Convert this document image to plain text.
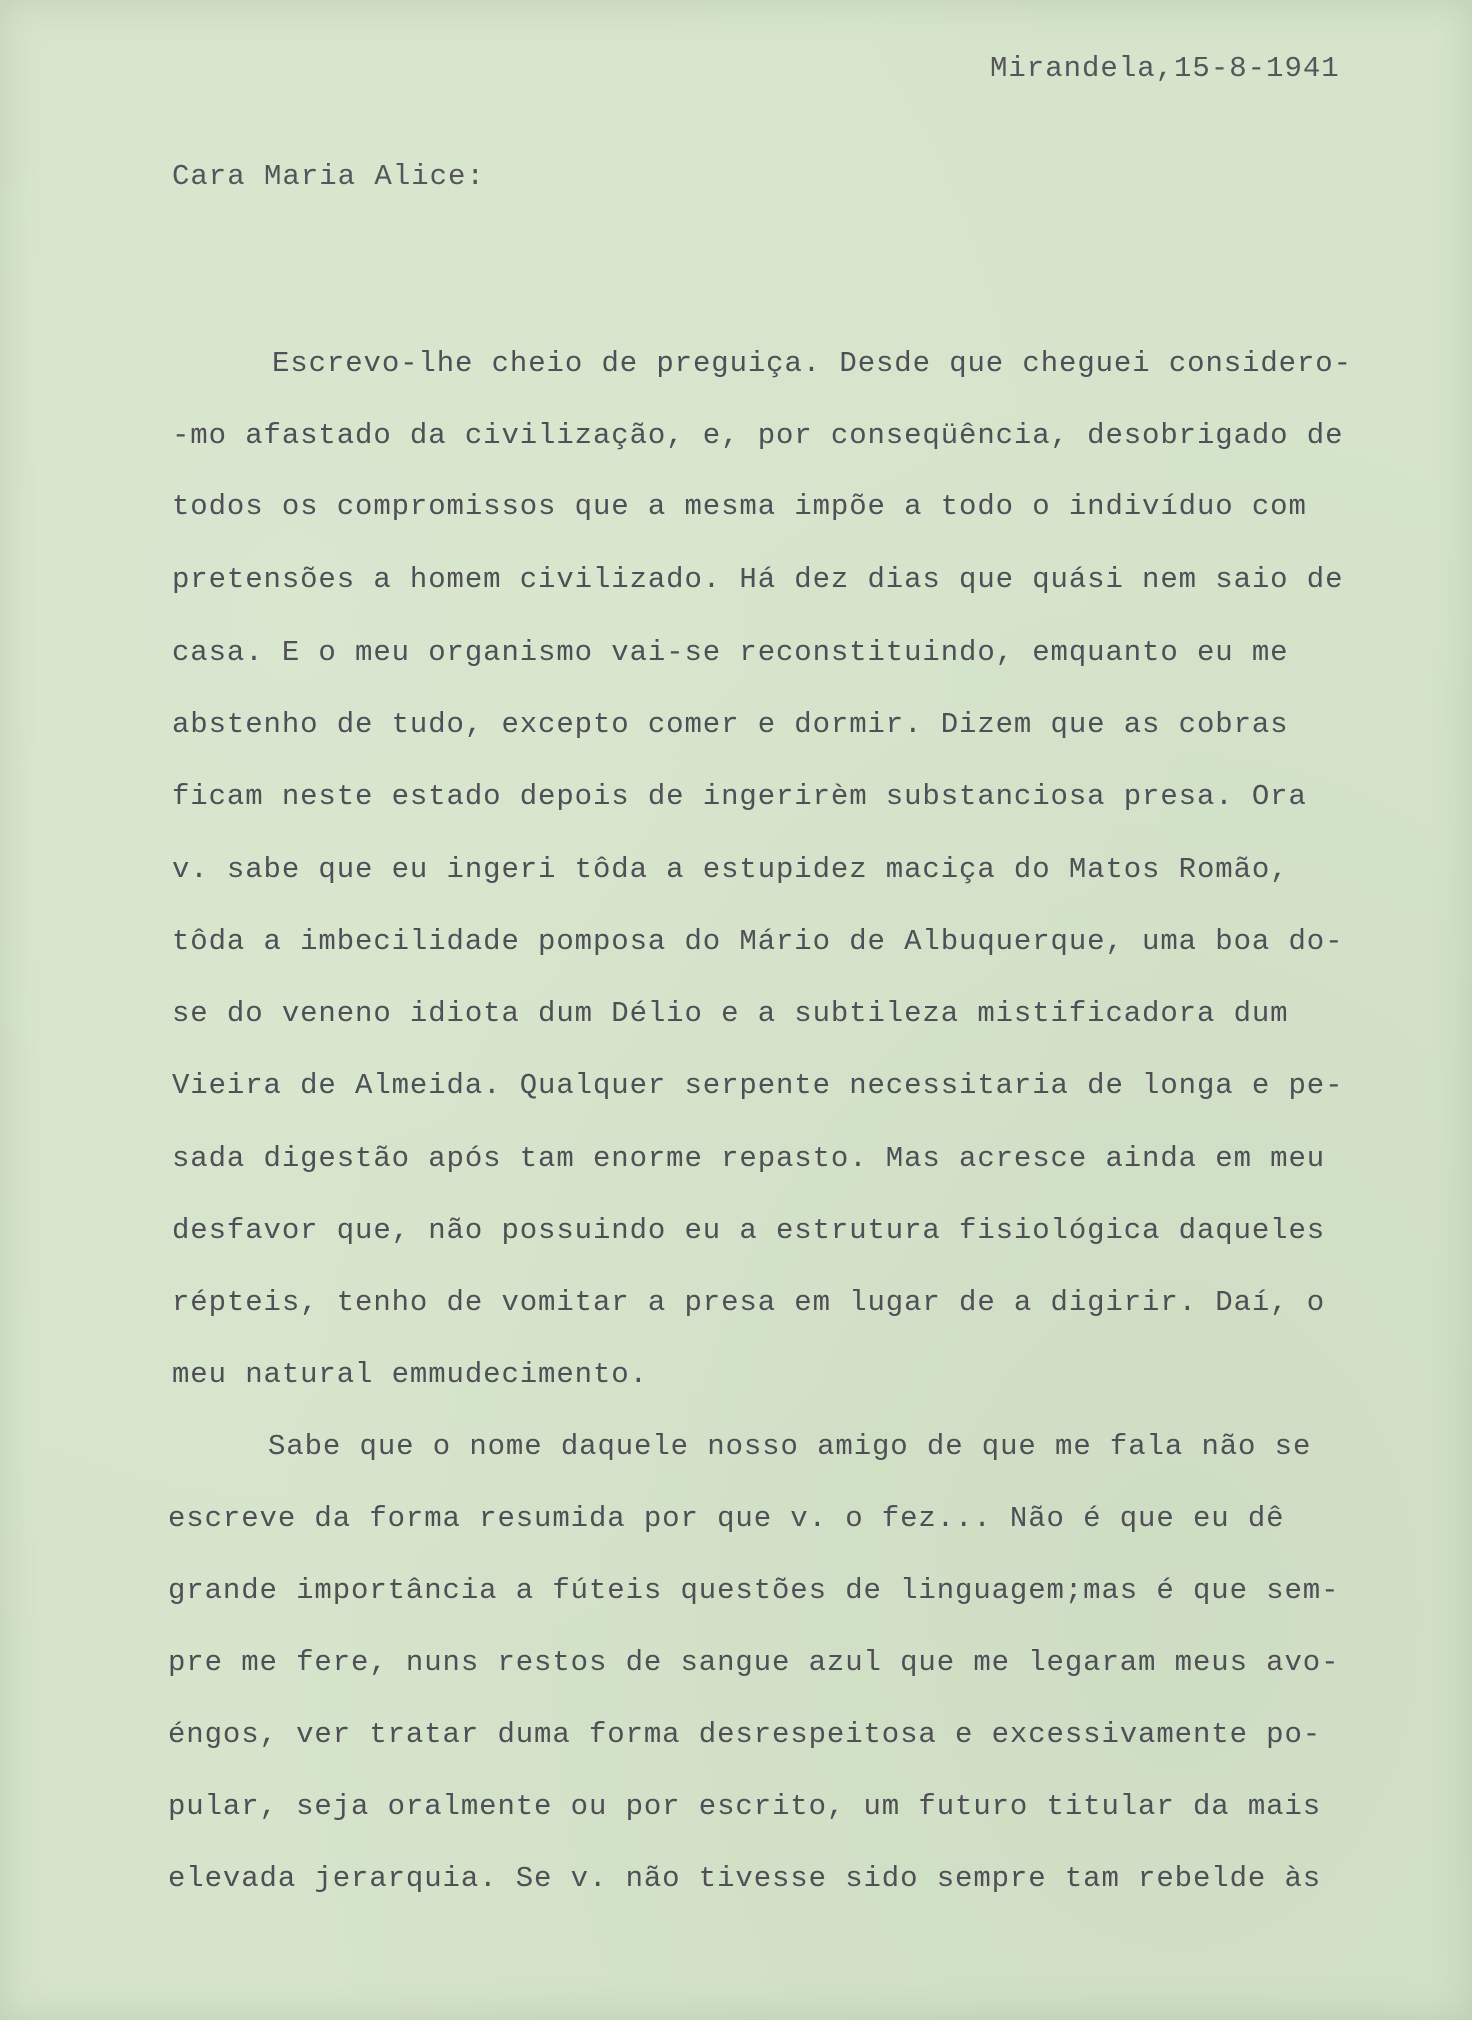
Mirandela,15-8-1941
Cara Maria Alice:
Escrevo-lhe cheio de preguiça. Desde que cheguei considero-
-mo afastado da civilização, e, por conseqüência, desobrigado de
todos os compromissos que a mesma impõe a todo o indivíduo com
pretensões a homem civilizado. Há dez dias que quási nem saio de
casa. E o meu organismo vai-se reconstituindo, emquanto eu me
abstenho de tudo, excepto comer e dormir. Dizem que as cobras
ficam neste estado depois de ingerirèm substanciosa presa. Ora
v. sabe que eu ingeri tôda a estupidez maciça do Matos Romão,
tôda a imbecilidade pomposa do Mário de Albuquerque, uma boa do-
se do veneno idiota dum Délio e a subtileza mistificadora dum
Vieira de Almeida. Qualquer serpente necessitaria de longa e pe-
sada digestão após tam enorme repasto. Mas acresce ainda em meu
desfavor que, não possuindo eu a estrutura fisiológica daqueles
répteis, tenho de vomitar a presa em lugar de a digirir. Daí, o
meu natural emmudecimento.
Sabe que o nome daquele nosso amigo de que me fala não se
escreve da forma resumida por que v. o fez... Não é que eu dê
grande importância a fúteis questões de linguagem;mas é que sem-
pre me fere, nuns restos de sangue azul que me legaram meus avo-
éngos, ver tratar duma forma desrespeitosa e excessivamente po-
pular, seja oralmente ou por escrito, um futuro titular da mais
elevada jerarquia. Se v. não tivesse sido sempre tam rebelde às
